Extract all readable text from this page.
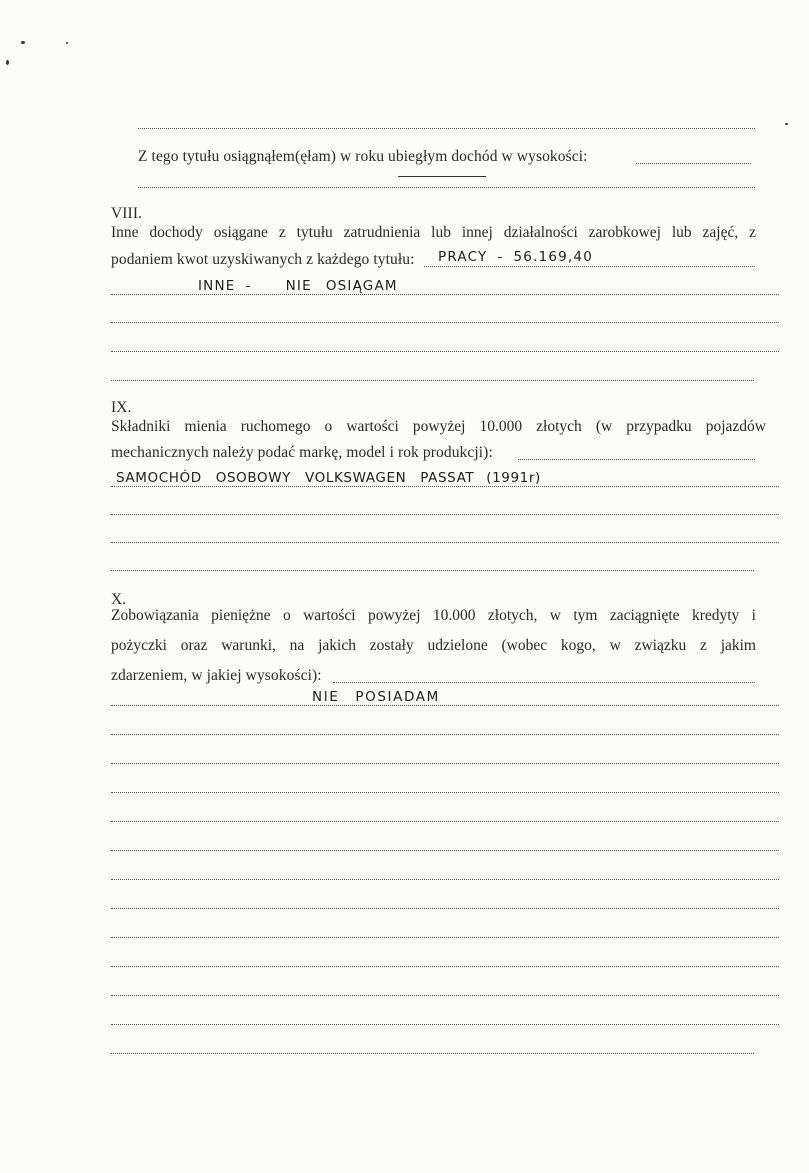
Z tego tytułu osiągnąłem(ęłam) w roku ubiegłym dochód w wysokości:
VIII.
Inne dochody osiągane z tytułu zatrudnienia lub innej działalności zarobkowej lub zajęć, z
podaniem kwot uzyskiwanych z każdego tytułu: PRACY - 56.169,40
INNE -	NIE OSIĄGAM
IX.
Składniki mienia ruchomego o wartości powyżej 10.000 złotych (w przypadku pojazdów
mechanicznych należy podać markę, model i rok produkcji):
SAMOCHÓD OSOBOWY VOLKSWAGEN PASSAT (1991r)
X.
Zobowiązania pieniężne o wartości powyżej 10.000 złotych, w tym zaciągnięte kredyty i
pożyczki oraz warunki, na jakich zostały udzielone (wobec kogo, w związku z jakim
zdarzeniem, w jakiej wysokości):
NIE POSIADAM
